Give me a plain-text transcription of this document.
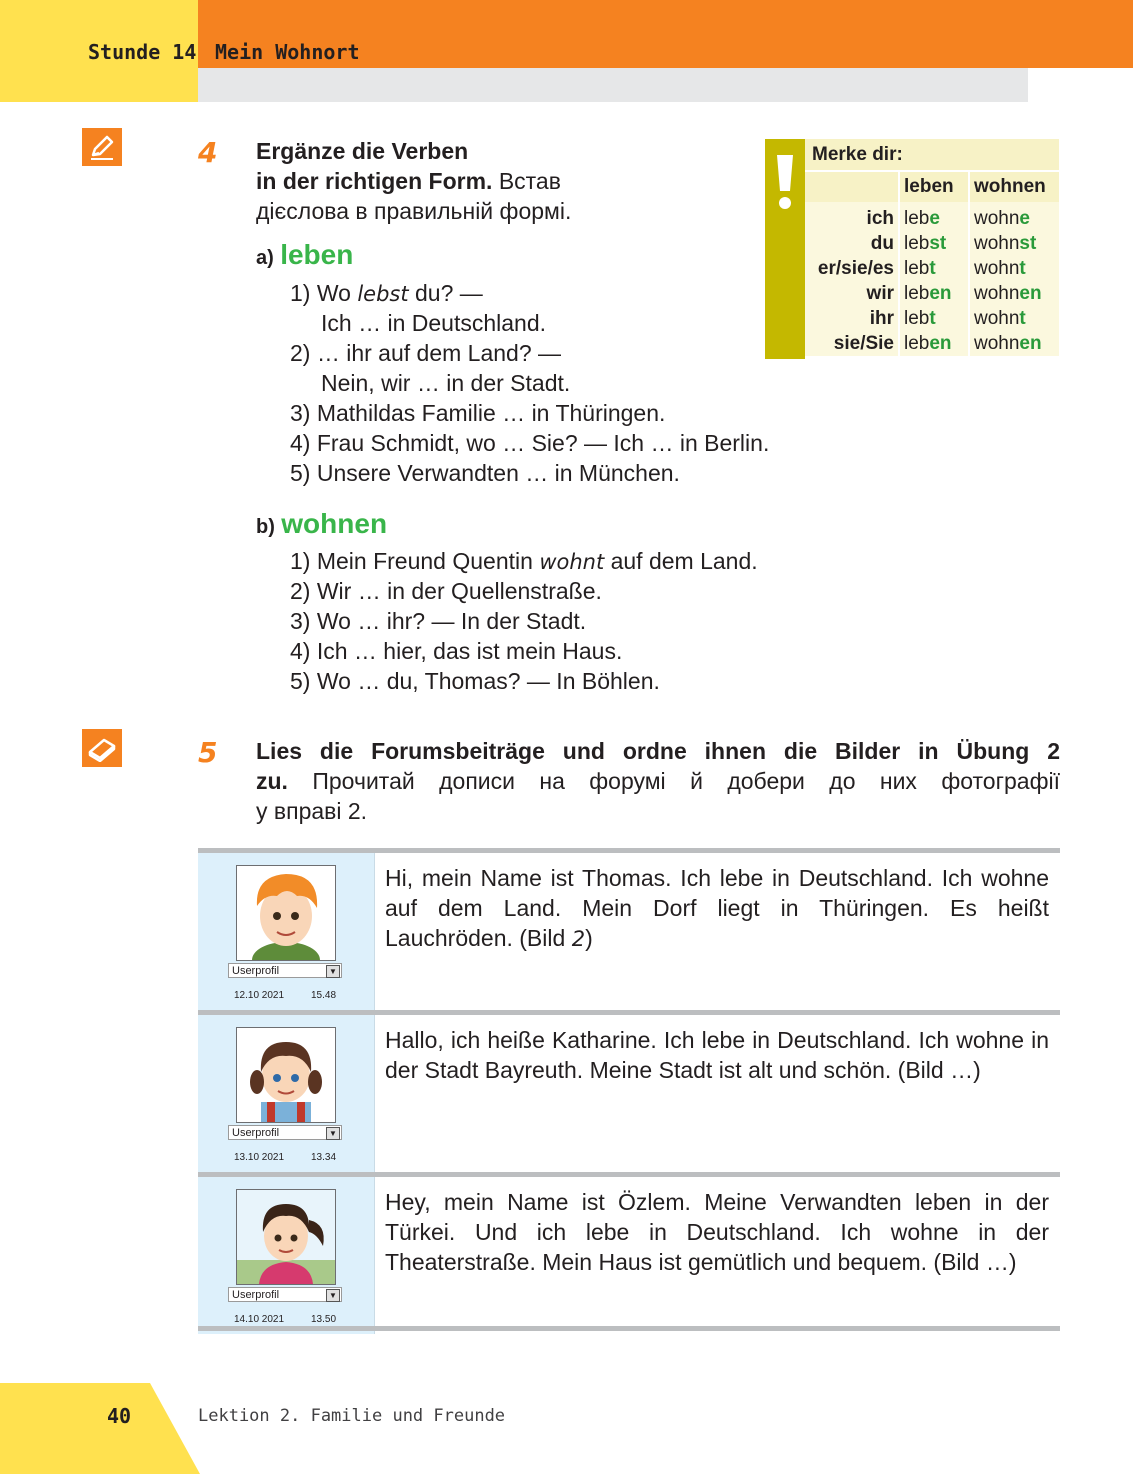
Stunde 14 Mein Wohnort
4 Ergänze die Verben
in der richtigen Form. Встав
дієслова в правильній формі.
a) leben
1) Wo lebst du? —
Ich … in Deutschland.
2) … ihr auf dem Land? —
Nein, wir … in der Stadt.
3) Mathildas Familie … in Thüringen.
4) Frau Schmidt, wo … Sie? — Ich … in Berlin.
5) Unsere Verwandten … in München.
b) wohnen
1) Mein Freund Quentin wohnt auf dem Land.
2) Wir … in der Quellenstraße.
3) Wo … ihr? — In der Stadt.
4) Ich … hier, das ist mein Haus.
5) Wo … du, Thomas? — In Böhlen.
Merke dir:
	leben	wohnen
ich	lebe	wohne
du	lebst	wohnst
er/sie/es	lebt	wohnt
wir	leben	wohnen
ihr	lebt	wohnt
sie/Sie	leben	wohnen
5 Lies die Forumsbeiträge und ordne ihnen die Bilder in Übung 2
zu. Прочитай дописи на форумі й добери до них фотографії
у вправі 2.
Userprofil	▼
12.10 2021	15.48
Hi, mein Name ist Thomas. Ich lebe in Deutschland. Ich wohne auf dem Land. Mein Dorf liegt in Thüringen. Es heißt Lauchröden. (Bild 2)
Userprofil	▼
13.10 2021	13.34
Hallo, ich heiße Katharine. Ich lebe in Deutschland. Ich wohne in der Stadt Bayreuth. Meine Stadt ist alt und schön. (Bild …)
Userprofil	▼
14.10 2021	13.50
Hey, mein Name ist Özlem. Meine Verwandten leben in der Türkei. Und ich lebe in Deutschland. Ich wohne in der Theaterstraße. Mein Haus ist gemütlich und bequem. (Bild …)
40	Lektion 2. Familie und Freunde
